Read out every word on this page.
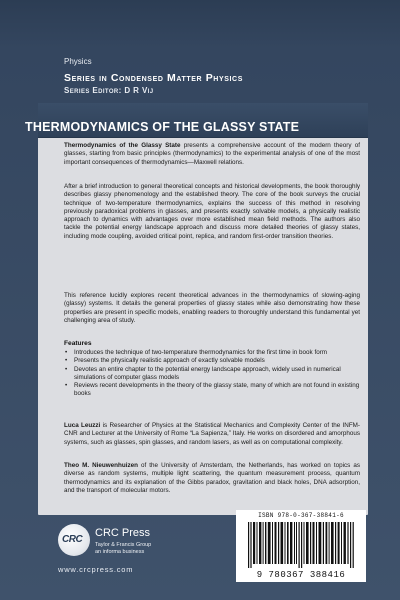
Physics
Series in Condensed Matter Physics
Series Editor: D R Vij
THERMODYNAMICS OF THE GLASSY STATE
Thermodynamics of the Glassy State presents a comprehensive account of the modern theory of glasses, starting from basic principles (thermodynamics) to the experimental analysis of one of the most important consequences of thermodynamics—Maxwell relations.
After a brief introduction to general theoretical concepts and historical developments, the book thoroughly describes glassy phenomenology and the established theory. The core of the book surveys the crucial technique of two-temperature thermodynamics, explains the success of this method in resolving previously paradoxical problems in glasses, and presents exactly solvable models, a physically realistic approach to dynamics with advantages over more established mean field methods. The authors also tackle the potential energy landscape approach and discuss more detailed theories of glassy states, including mode coupling, avoided critical point, replica, and random first-order transition theories.
This reference lucidly explores recent theoretical advances in the thermodynamics of slowing-aging (glassy) systems. It details the general properties of glassy states while also demonstrating how these properties are present in specific models, enabling readers to thoroughly understand this fundamental yet challenging area of study.
Features
• Introduces the technique of two-temperature thermodynamics for the first time in book form
• Presents the physically realistic approach of exactly solvable models
• Devotes an entire chapter to the potential energy landscape approach, widely used in numerical simulations of computer glass models
• Reviews recent developments in the theory of the glassy state, many of which are not found in existing books
Luca Leuzzi is Researcher of Physics at the Statistical Mechanics and Complexity Center of the INFM-CNR and Lecturer at the University of Rome “La Sapienza,” Italy. He works on disordered and amorphous systems, such as glasses, spin glasses, and random lasers, as well as on computational complexity.
Theo M. Nieuwenhuizen of the University of Amsterdam, the Netherlands, has worked on topics as diverse as random systems, multiple light scattering, the quantum measurement process, quantum thermodynamics and its explanation of the Gibbs paradox, gravitation and black holes, DNA adsorption, and the transport of molecular motors.
CRC
CRC Press
Taylor & Francis Group
an informa business
www.crcpress.com
ISBN 978-0-367-38841-6
9 780367 388416
